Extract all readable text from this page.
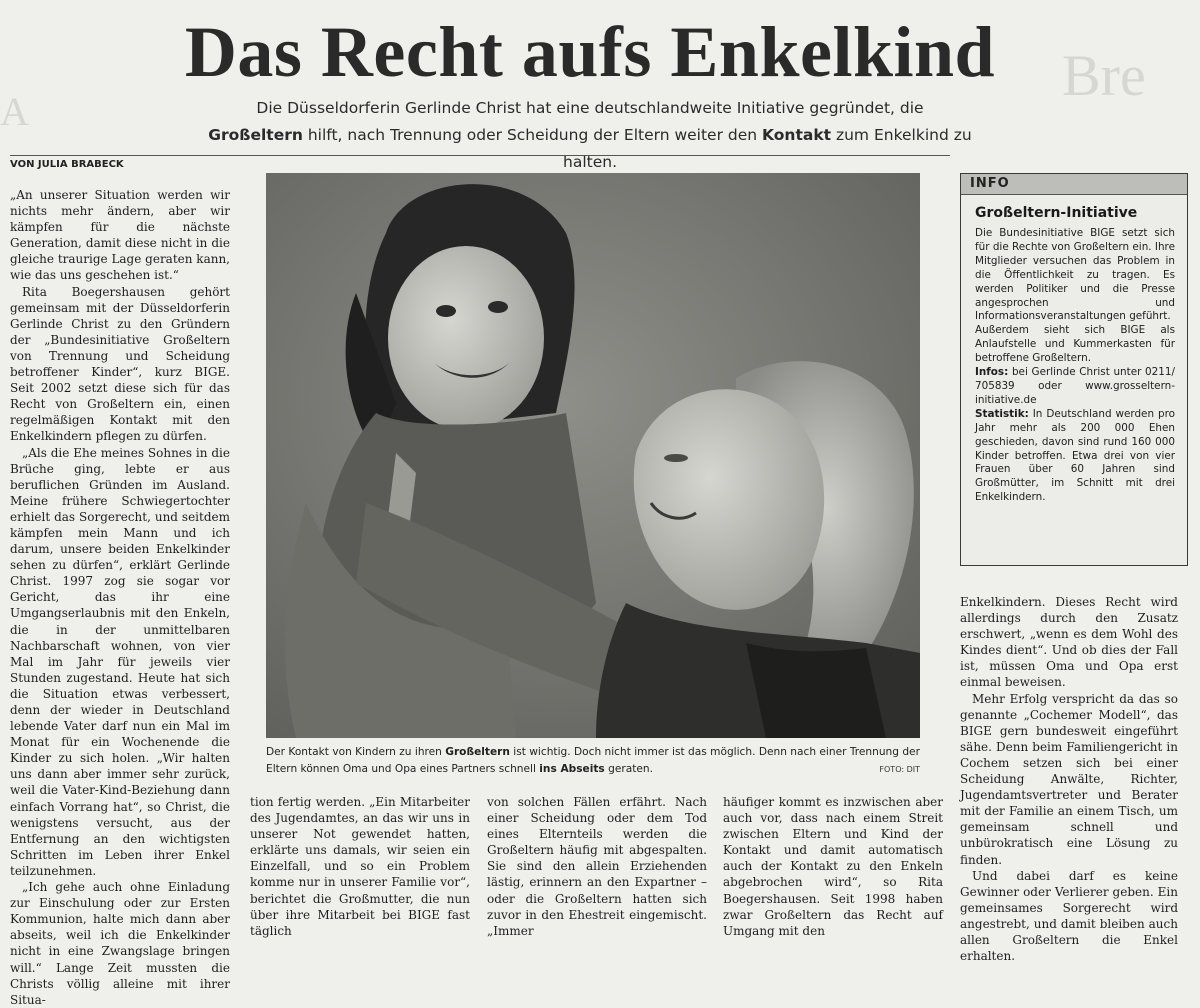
Bre
A
Das Recht aufs Enkelkind
Die Düsseldorferin Gerlinde Christ hat eine deutschlandweite Initiative gegründet, die
Großeltern hilft, nach Trennung oder Scheidung der Eltern weiter den Kontakt zum Enkelkind zu halten.
VON JULIA BRABECK

„An unserer Situation werden wir nichts mehr ändern, aber wir kämpfen für die nächste Generation, damit diese nicht in die gleiche traurige Lage geraten kann, wie das uns geschehen ist.“

Rita Boegershausen gehört gemeinsam mit der Düsseldorferin Gerlinde Christ zu den Gründern der „Bundesinitiative Großeltern von Trennung und Scheidung betroffener Kinder“, kurz BIGE. Seit 2002 setzt diese sich für das Recht von Großeltern ein, einen regelmäßigen Kontakt mit den Enkelkindern pflegen zu dürfen.

„Als die Ehe meines Sohnes in die Brüche ging, lebte er aus beruflichen Gründen im Ausland. Meine frühere Schwiegertochter erhielt das Sorgerecht, und seitdem kämpfen mein Mann und ich darum, unsere beiden Enkelkinder sehen zu dürfen“, erklärt Gerlinde Christ. 1997 zog sie sogar vor Gericht, das ihr eine Umgangserlaubnis mit den Enkeln, die in der unmittelbaren Nachbarschaft wohnen, von vier Mal im Jahr für jeweils vier Stunden zugestand. Heute hat sich die Situation etwas verbessert, denn der wieder in Deutschland lebende Vater darf nun ein Mal im Monat für ein Wochenende die Kinder zu sich holen. „Wir halten uns dann aber immer sehr zurück, weil die Vater-Kind-Beziehung dann einfach Vorrang hat“, so Christ, die wenigstens versucht, aus der Entfernung an den wichtigsten Schritten im Leben ihrer Enkel teilzunehmen.

„Ich gehe auch ohne Einladung zur Einschulung oder zur Ersten Kommunion, halte mich dann aber abseits, weil ich die Enkelkinder nicht in eine Zwangslage bringen will.“ Lange Zeit mussten die Christs völlig alleine mit ihrer Situa-

Der Kontakt von Kindern zu ihren Großeltern ist wichtig. Doch nicht immer ist das möglich. Denn nach einer Trennung der Eltern können Oma und Opa eines Partners schnell ins Abseits geraten.	FOTO: DIT
INFO
Großeltern-Initiative

Die Bundesinitiative BIGE setzt sich für die Rechte von Großeltern ein. Ihre Mitglieder versuchen das Problem in die Öffentlichkeit zu tragen. Es werden Politiker und die Presse angesprochen und Informationsveranstaltungen geführt.

Außerdem sieht sich BIGE als Anlaufstelle und Kummerkasten für betroffene Großeltern.

Infos: bei Gerlinde Christ unter 0211/ 705839 oder www.grosseltern-initiative.de

Statistik: In Deutschland werden pro Jahr mehr als 200 000 Ehen geschieden, davon sind rund 160 000 Kinder betroffen. Etwa drei von vier Frauen über 60 Jahren sind Großmütter, im Schnitt mit drei Enkelkindern.

tion fertig werden. „Ein Mitarbeiter des Jugendamtes, an das wir uns in unserer Not gewendet hatten, erklärte uns damals, wir seien ein Einzelfall, und so ein Problem komme nur in unserer Familie vor“, berichtet die Großmutter, die nun über ihre Mitarbeit bei BIGE fast täglich

von solchen Fällen erfährt. Nach einer Scheidung oder dem Tod eines Elternteils werden die Großeltern häufig mit abgespalten. Sie sind den allein Erziehenden lästig, erinnern an den Expartner – oder die Großeltern hatten sich zuvor in den Ehestreit eingemischt. „Immer

häufiger kommt es inzwischen aber auch vor, dass nach einem Streit zwischen Eltern und Kind der Kontakt und damit automatisch auch der Kontakt zu den Enkeln abgebrochen wird“, so Rita Boegershausen. Seit 1998 haben zwar Großeltern das Recht auf Umgang mit den

Enkelkindern. Dieses Recht wird allerdings durch den Zusatz erschwert, „wenn es dem Wohl des Kindes dient“. Und ob dies der Fall ist, müssen Oma und Opa erst einmal beweisen.

Mehr Erfolg verspricht da das so genannte „Cochemer Modell“, das BIGE gern bundesweit eingeführt sähe. Denn beim Familiengericht in Cochem setzen sich bei einer Scheidung Anwälte, Richter, Jugendamtsvertreter und Berater mit der Familie an einem Tisch, um gemeinsam schnell und unbürokratisch eine Lösung zu finden.

Und dabei darf es keine Gewinner oder Verlierer geben. Ein gemeinsames Sorgerecht wird angestrebt, und damit bleiben auch allen Großeltern die Enkel erhalten.
